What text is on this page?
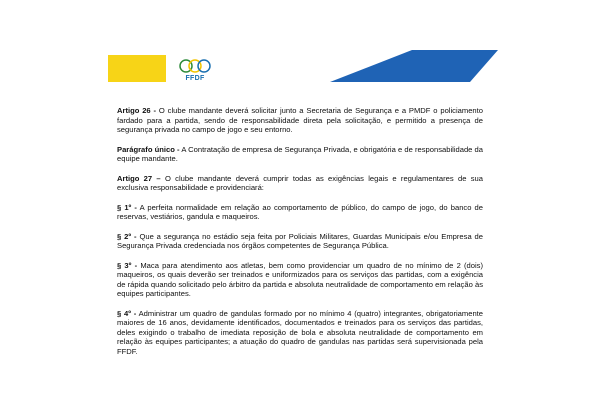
FFDF

Artigo 26 - O clube mandante deverá solicitar junto a Secretaria de Segurança e a PMDF o policiamento fardado para a partida, sendo de responsabilidade direta pela solicitação, e permitido a presença de segurança privada no campo de jogo e seu entorno.

Parágrafo único - A Contratação de empresa de Segurança Privada, e obrigatória e de responsabilidade da equipe mandante.

Artigo 27 – O clube mandante deverá cumprir todas as exigências legais e regulamentares de sua exclusiva responsabilidade e providenciará:

§ 1º - A perfeita normalidade em relação ao comportamento de público, do campo de jogo, do banco de reservas, vestiários, gandula e maqueiros.

§ 2º - Que a segurança no estádio seja feita por Policiais Militares, Guardas Municipais e/ou Empresa de Segurança Privada credenciada nos órgãos competentes de Segurança Pública.

§ 3º - Maca para atendimento aos atletas, bem como providenciar um quadro de no mínimo de 2 (dois) maqueiros, os quais deverão ser treinados e uniformizados para os serviços das partidas, com a exigência de rápida quando solicitado pelo árbitro da partida e absoluta neutralidade de comportamento em relação às equipes participantes.

§ 4º - Administrar um quadro de gandulas formado por no mínimo 4 (quatro) integrantes, obrigatoriamente maiores de 16 anos, devidamente identificados, documentados e treinados para os serviços das partidas, deles exigindo o trabalho de imediata reposição de bola e absoluta neutralidade de comportamento em relação às equipes participantes; a atuação do quadro de gandulas nas partidas será supervisionada pela FFDF.
